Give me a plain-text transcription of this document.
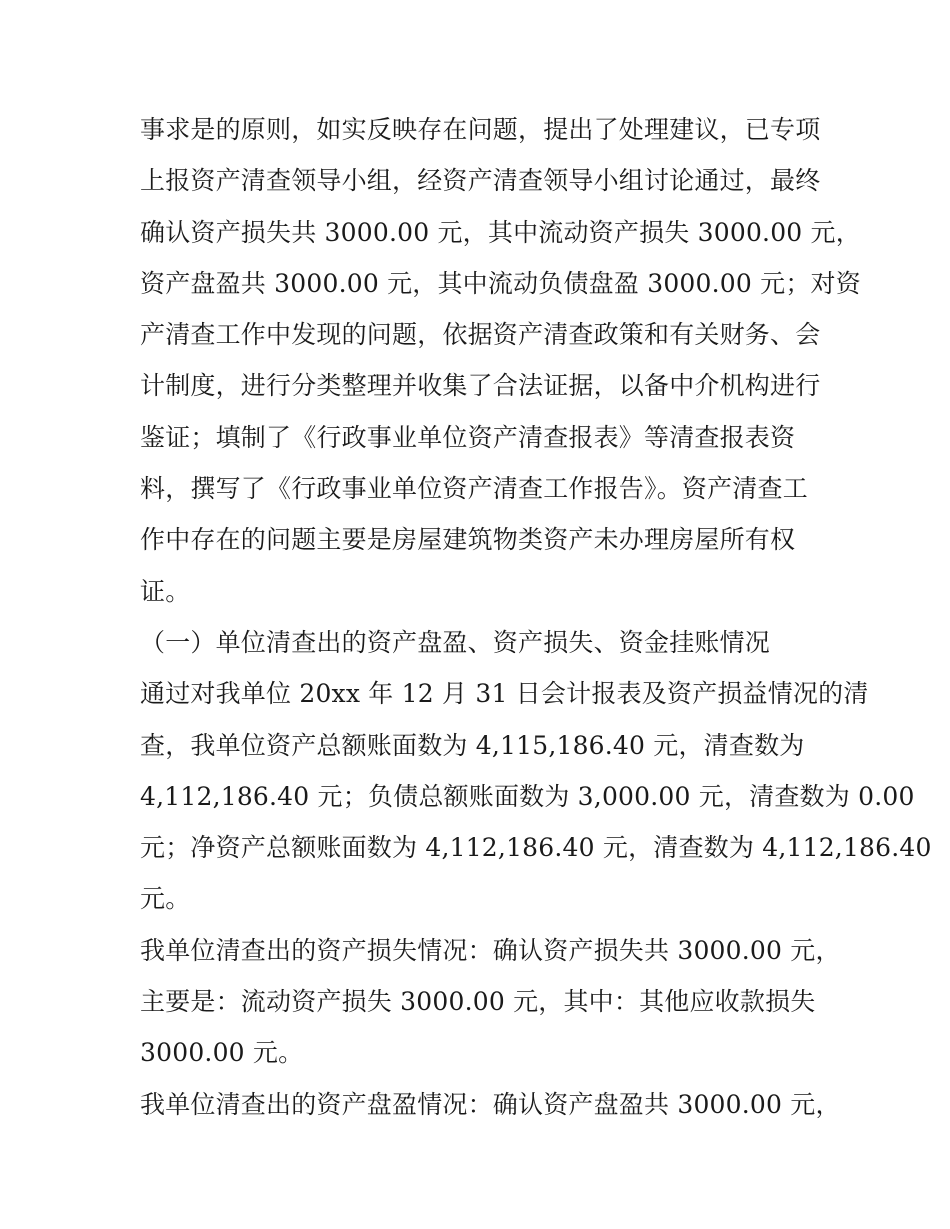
事求是的原则，如实反映存在问题，提出了处理建议，已专项
上报资产清查领导小组，经资产清查领导小组讨论通过，最终
确认资产损失共 3000.00 元，其中流动资产损失 3000.00 元，
资产盘盈共 3000.00 元，其中流动负债盘盈 3000.00 元；对资
产清查工作中发现的问题，依据资产清查政策和有关财务、会
计制度，进行分类整理并收集了合法证据，以备中介机构进行
鉴证；填制了《行政事业单位资产清查报表》等清查报表资
料，撰写了《行政事业单位资产清查工作报告》。资产清查工
作中存在的问题主要是房屋建筑物类资产未办理房屋所有权
证。
（一）单位清查出的资产盘盈、资产损失、资金挂账情况
通过对我单位 20xx 年 12 月 31 日会计报表及资产损益情况的清
查，我单位资产总额账面数为 4,115,186.40 元，清查数为
4,112,186.40 元；负债总额账面数为 3,000.00 元，清查数为 0.00
元；净资产总额账面数为 4,112,186.40 元，清查数为 4,112,186.40
元。
我单位清查出的资产损失情况：确认资产损失共 3000.00 元，
主要是：流动资产损失 3000.00 元，其中：其他应收款损失
3000.00 元。
我单位清查出的资产盘盈情况：确认资产盘盈共 3000.00 元，
